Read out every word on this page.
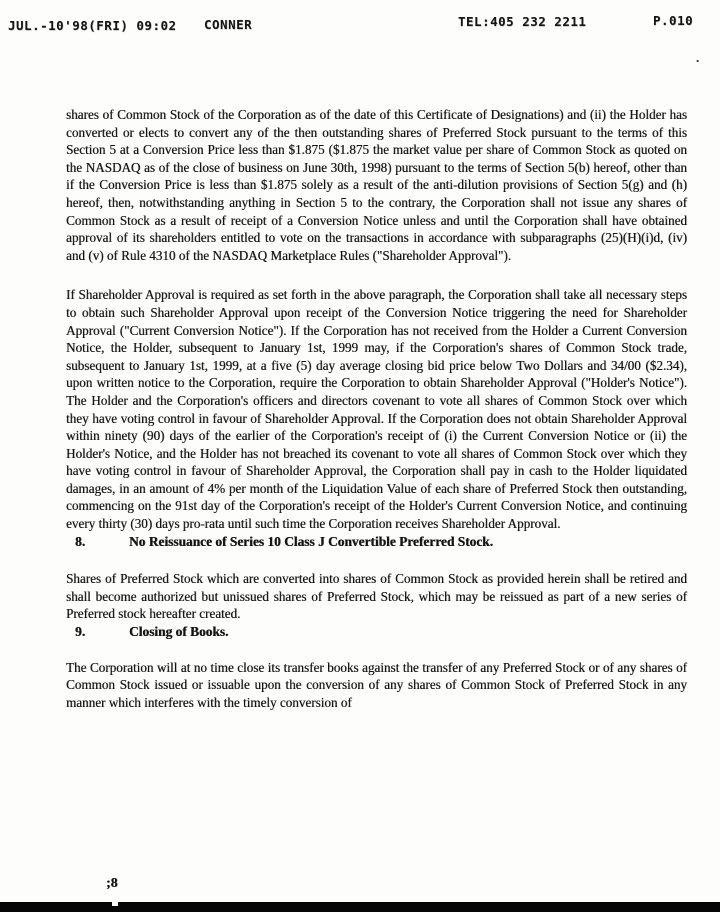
JUL.-10'98(FRI) 09:02 CONNER	TEL:405 232 2211	P.010
.

shares of Common Stock of the Corporation as of the date of this Certificate of Designations) and (ii) the Holder has converted or elects to convert any of the then outstanding shares of Preferred Stock pursuant to the terms of this Section 5 at a Conversion Price less than $1.875 ($1.875 the market value per share of Common Stock as quoted on the NASDAQ as of the close of business on June 30th, 1998) pursuant to the terms of Section 5(b) hereof, other than if the Conversion Price is less than $1.875 solely as a result of the anti-dilution provisions of Section 5(g) and (h) hereof, then, notwithstanding anything in Section 5 to the contrary, the Corporation shall not issue any shares of Common Stock as a result of receipt of a Conversion Notice unless and until the Corporation shall have obtained approval of its shareholders entitled to vote on the transactions in accordance with subparagraphs (25)(H)(i)d, (iv) and (v) of Rule 4310 of the NASDAQ Marketplace Rules ("Shareholder Approval").

If Shareholder Approval is required as set forth in the above paragraph, the Corporation shall take all necessary steps to obtain such Shareholder Approval upon receipt of the Conversion Notice triggering the need for Shareholder Approval ("Current Conversion Notice"). If the Corporation has not received from the Holder a Current Conversion Notice, the Holder, subsequent to January 1st, 1999 may, if the Corporation's shares of Common Stock trade, subsequent to January 1st, 1999, at a five (5) day average closing bid price below Two Dollars and 34/00 ($2.34), upon written notice to the Corporation, require the Corporation to obtain Shareholder Approval ("Holder's Notice"). The Holder and the Corporation's officers and directors covenant to vote all shares of Common Stock over which they have voting control in favour of Shareholder Approval. If the Corporation does not obtain Shareholder Approval within ninety (90) days of the earlier of the Corporation's receipt of (i) the Current Conversion Notice or (ii) the Holder's Notice, and the Holder has not breached its covenant to vote all shares of Common Stock over which they have voting control in favour of Shareholder Approval, the Corporation shall pay in cash to the Holder liquidated damages, in an amount of 4% per month of the Liquidation Value of each share of Preferred Stock then outstanding, commencing on the 91st day of the Corporation's receipt of the Holder's Current Conversion Notice, and continuing every thirty (30) days pro-rata until such time the Corporation receives Shareholder Approval.

8.	No Reissuance of Series 10 Class J Convertible Preferred Stock.

Shares of Preferred Stock which are converted into shares of Common Stock as provided herein shall be retired and shall become authorized but unissued shares of Preferred Stock, which may be reissued as part of a new series of Preferred stock hereafter created.

9.	Closing of Books.

The Corporation will at no time close its transfer books against the transfer of any Preferred Stock or of any shares of Common Stock issued or issuable upon the conversion of any shares of Common Stock of Preferred Stock in any manner which interferes with the timely conversion of

;8
